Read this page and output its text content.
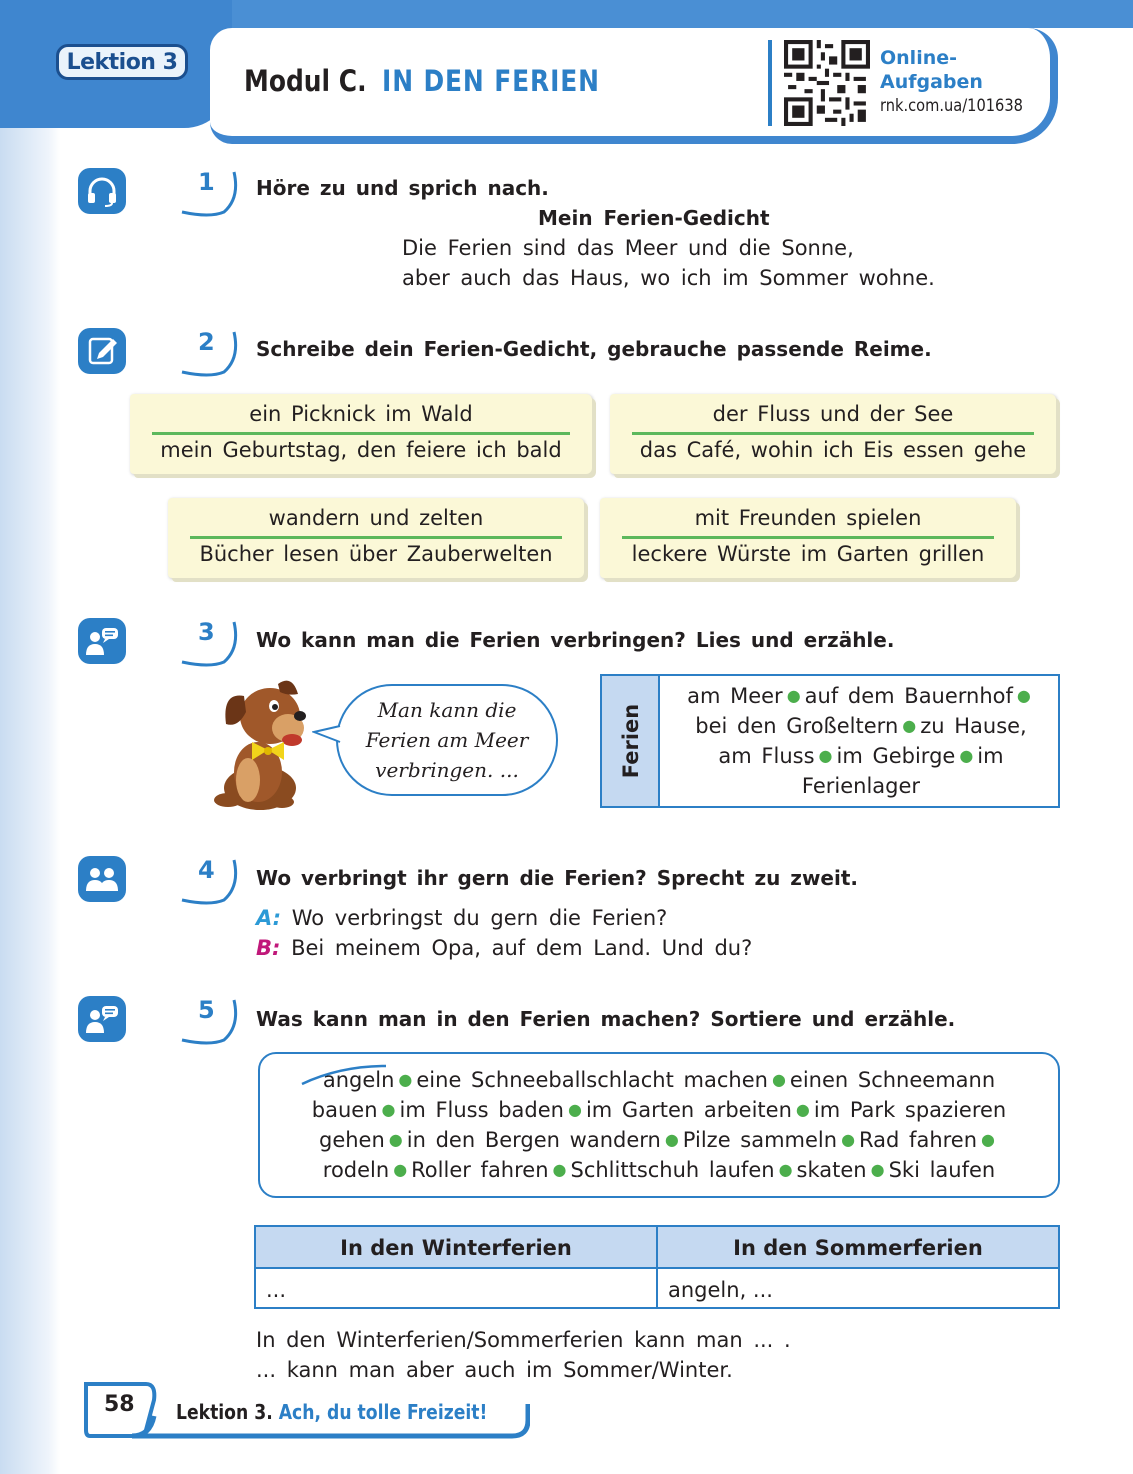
Lektion 3
Modul C. IN DEN FERIEN
Online-Aufgaben
rnk.com.ua/101638
1 Höre zu und sprich nach.
Mein Ferien-Gedicht
Die Ferien sind das Meer und die Sonne,
aber auch das Haus, wo ich im Sommer wohne.
2 Schreibe dein Ferien-Gedicht, gebrauche passende Reime.
ein Picknick im Wald
mein Geburtstag, den feiere ich bald
der Fluss und der See
das Café, wohin ich Eis essen gehe
wandern und zelten
Bücher lesen über Zauberwelten
mit Freunden spielen
leckere Würste im Garten grillen
3 Wo kann man die Ferien verbringen? Lies und erzähle.
Man kann die
Ferien am Meer
verbringen. ...	Ferien
am Meer ● auf dem Bauernhof ●
bei den Großeltern ● zu Hause,
am Fluss ● im Gebirge ● im
Ferienlager
4 Wo verbringt ihr gern die Ferien? Sprecht zu zweit.
A: Wo verbringst du gern die Ferien?
B: Bei meinem Opa, auf dem Land. Und du?
5 Was kann man in den Ferien machen? Sortiere und erzähle.
angeln ● eine Schneeballschlacht machen ● einen Schneemann
bauen ● im Fluss baden ● im Garten arbeiten ● im Park spazieren
gehen ● in den Bergen wandern ● Pilze sammeln ● Rad fahren ●
rodeln ● Roller fahren ● Schlittschuh laufen ● skaten ● Ski laufen
In den Winterferien	In den Sommerferien
...	angeln, ...
In den Winterferien/Sommerferien kann man ... .
... kann man aber auch im Sommer/Winter.
58 Lektion 3. Ach, du tolle Freizeit!
